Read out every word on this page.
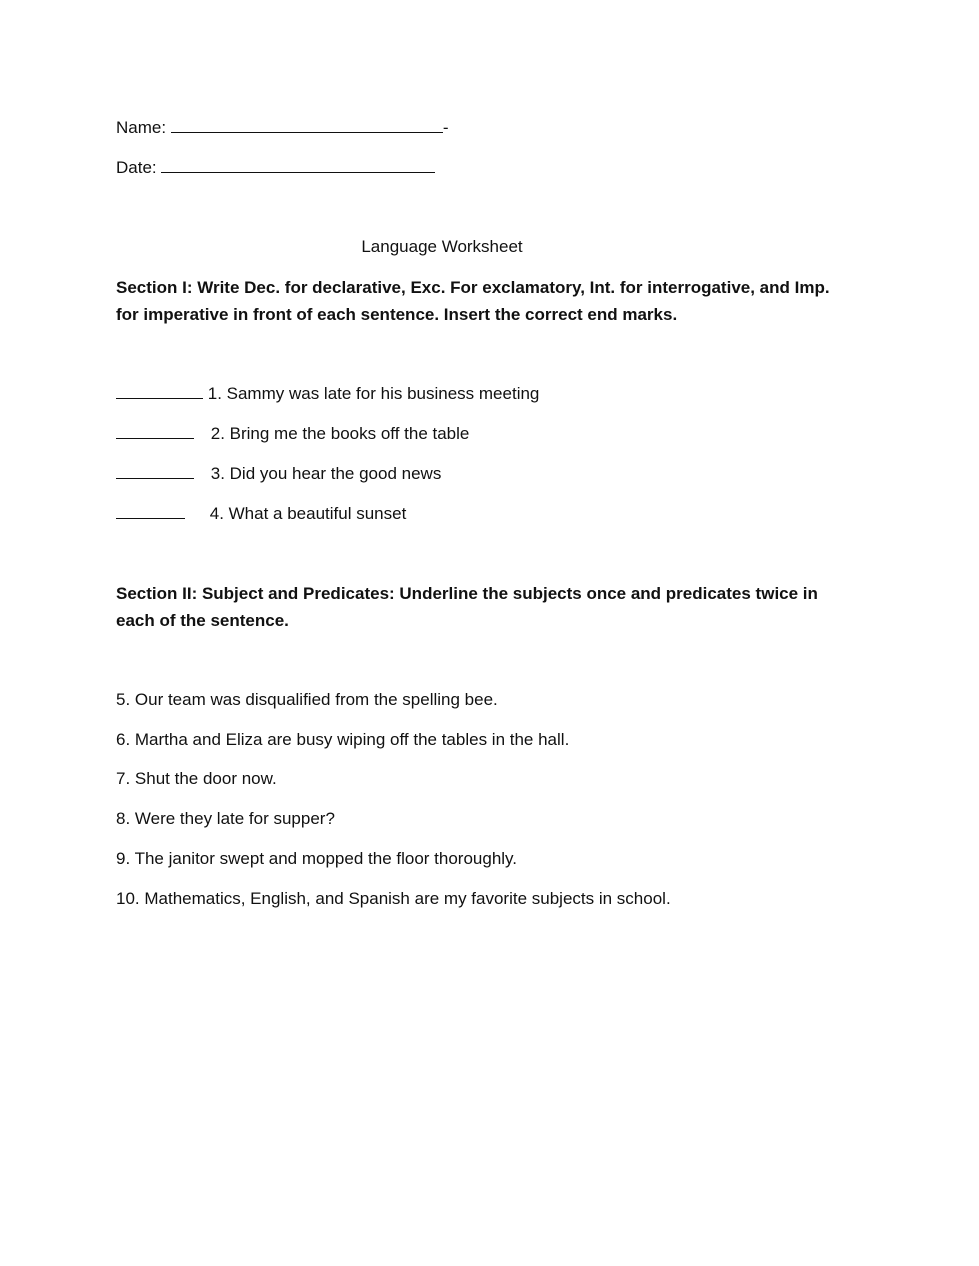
Name:	-
Date:
Language Worksheet
Section I: Write Dec. for declarative, Exc. For exclamatory, Int. for interrogative, and Imp. for imperative in front of each sentence. Insert the correct end marks.
1. Sammy was late for his business meeting
2. Bring me the books off the table
3. Did you hear the good news
4. What a beautiful sunset
Section II: Subject and Predicates: Underline the subjects once and predicates twice in each of the sentence.
5. Our team was disqualified from the spelling bee.
6. Martha and Eliza are busy wiping off the tables in the hall.
7. Shut the door now.
8. Were they late for supper?
9. The janitor swept and mopped the floor thoroughly.
10. Mathematics, English, and Spanish are my favorite subjects in school.
